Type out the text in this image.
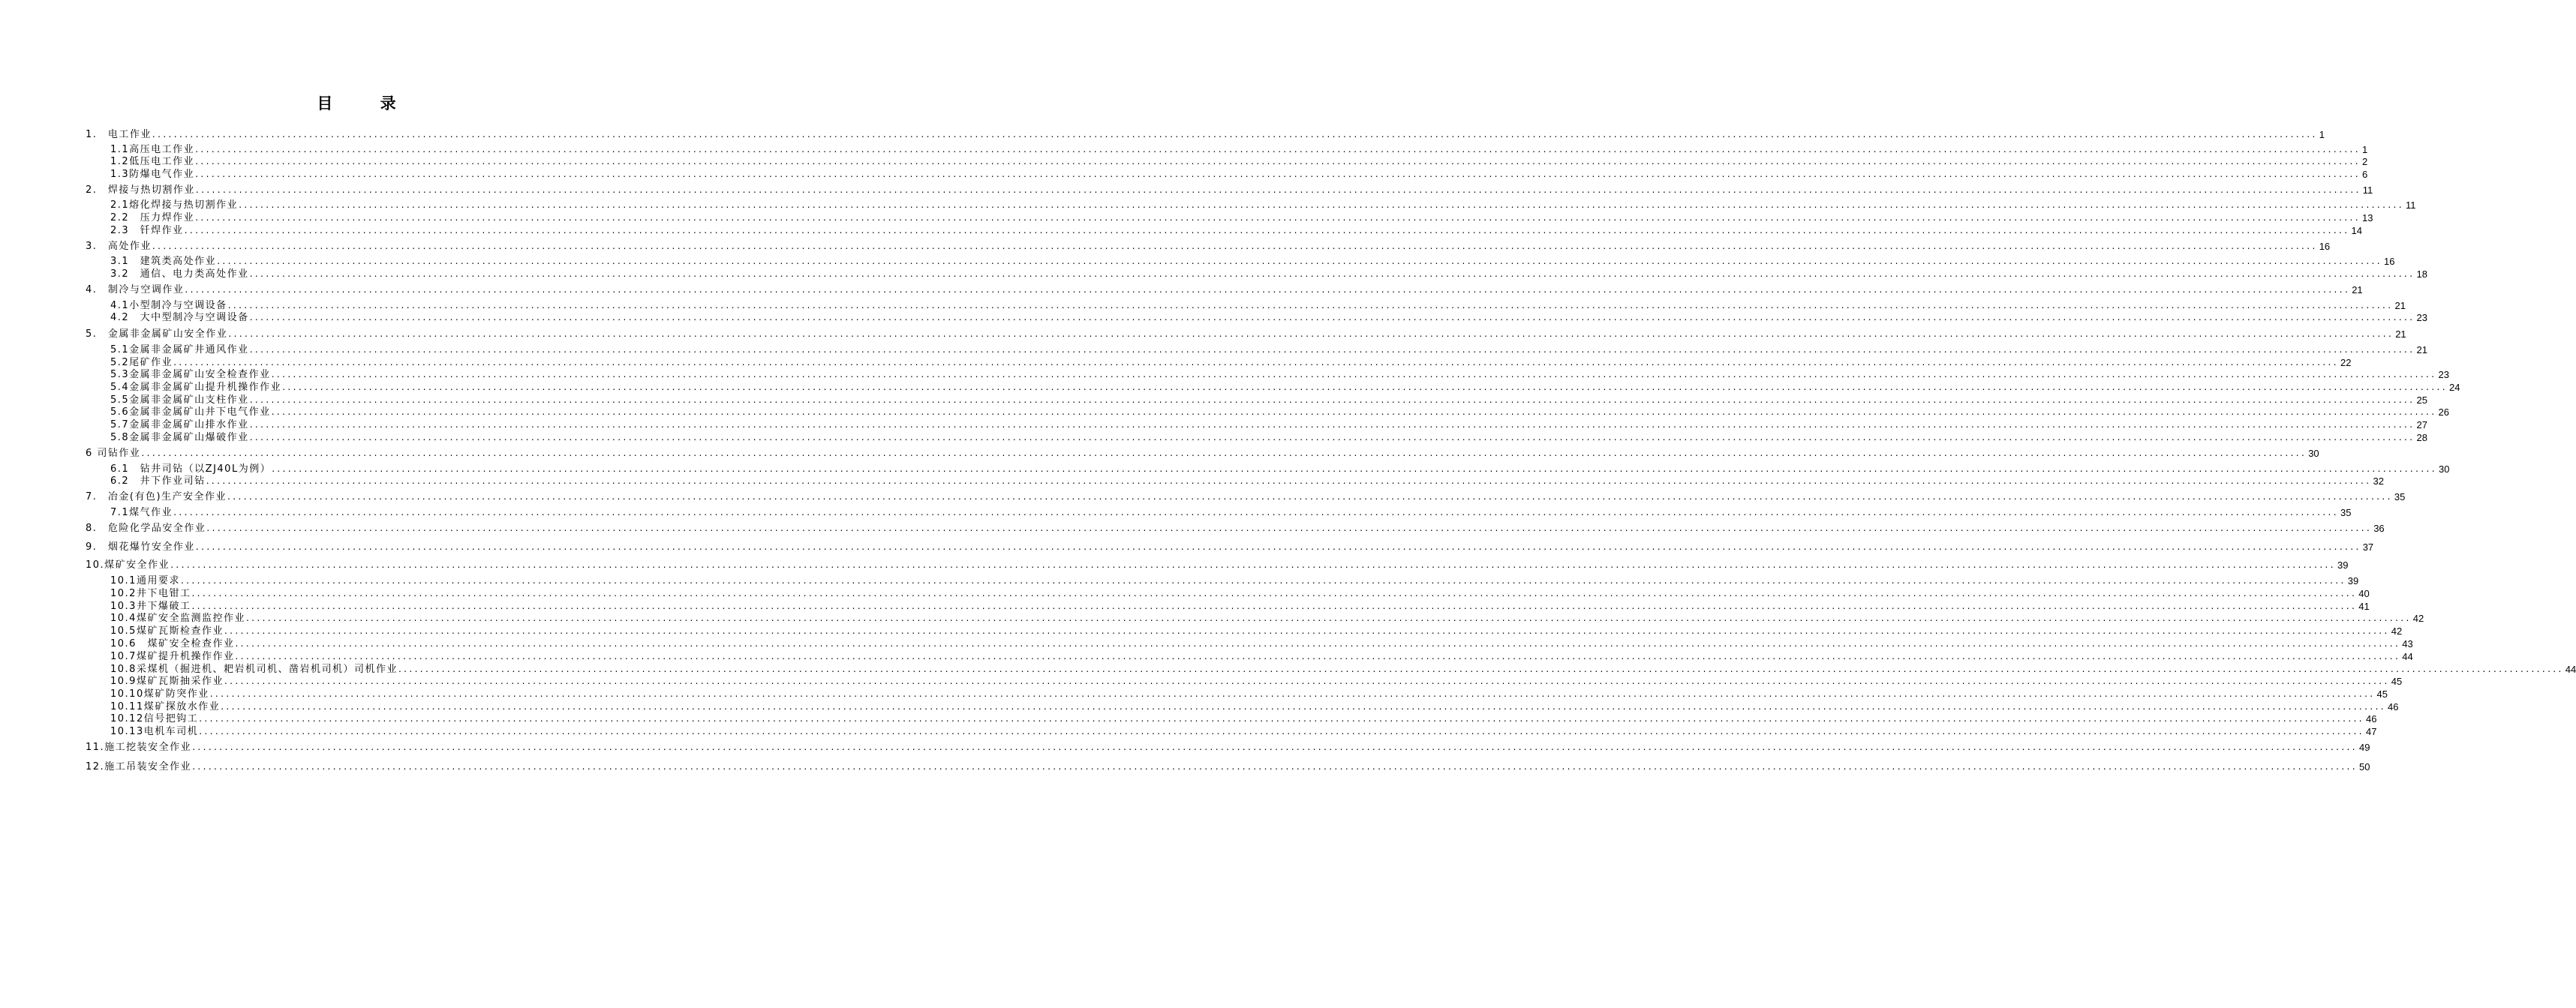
目 录
1.　电工作业 ................................................................................................................................................................................................................................................................................................................................................................................................................ 1
1.1高压电工作业 ................................................................................................................................................................................................................................................................................................................................................................................................................ 1
1.2低压电工作业 ................................................................................................................................................................................................................................................................................................................................................................................................................ 2
1.3防爆电气作业 ................................................................................................................................................................................................................................................................................................................................................................................................................ 6
2.　焊接与热切割作业 ................................................................................................................................................................................................................................................................................................................................................................................................................ 11
2.1熔化焊接与热切割作业 ................................................................................................................................................................................................................................................................................................................................................................................................................ 11
2.2　压力焊作业 ................................................................................................................................................................................................................................................................................................................................................................................................................ 13
2.3　钎焊作业 ................................................................................................................................................................................................................................................................................................................................................................................................................ 14
3.　高处作业 ................................................................................................................................................................................................................................................................................................................................................................................................................ 16
3.1　建筑类高处作业 ................................................................................................................................................................................................................................................................................................................................................................................................................ 16
3.2　通信、电力类高处作业 ................................................................................................................................................................................................................................................................................................................................................................................................................ 18
4.　制冷与空调作业 ................................................................................................................................................................................................................................................................................................................................................................................................................ 21
4.1小型制冷与空调设备 ................................................................................................................................................................................................................................................................................................................................................................................................................ 21
4.2　大中型制冷与空调设备 ................................................................................................................................................................................................................................................................................................................................................................................................................ 23
5.　金属非金属矿山安全作业 ................................................................................................................................................................................................................................................................................................................................................................................................................ 21
5.1金属非金属矿井通风作业 ................................................................................................................................................................................................................................................................................................................................................................................................................ 21
5.2尾矿作业 ................................................................................................................................................................................................................................................................................................................................................................................................................ 22
5.3金属非金属矿山安全检查作业 ................................................................................................................................................................................................................................................................................................................................................................................................................ 23
5.4金属非金属矿山提升机操作作业 ................................................................................................................................................................................................................................................................................................................................................................................................................ 24
5.5金属非金属矿山支柱作业 ................................................................................................................................................................................................................................................................................................................................................................................................................ 25
5.6金属非金属矿山井下电气作业 ................................................................................................................................................................................................................................................................................................................................................................................................................ 26
5.7金属非金属矿山排水作业 ................................................................................................................................................................................................................................................................................................................................................................................................................ 27
5.8金属非金属矿山爆破作业 ................................................................................................................................................................................................................................................................................................................................................................................................................ 28
6 司钻作业 ................................................................................................................................................................................................................................................................................................................................................................................................................ 30
6.1　钻井司钻（以ZJ40L为例） ................................................................................................................................................................................................................................................................................................................................................................................................................ 30
6.2　井下作业司钻 ................................................................................................................................................................................................................................................................................................................................................................................................................ 32
7.　冶金(有色)生产安全作业 ................................................................................................................................................................................................................................................................................................................................................................................................................ 35
7.1煤气作业 ................................................................................................................................................................................................................................................................................................................................................................................................................ 35
8.　危险化学品安全作业 ................................................................................................................................................................................................................................................................................................................................................................................................................ 36
9.　烟花爆竹安全作业 ................................................................................................................................................................................................................................................................................................................................................................................................................ 37
10.煤矿安全作业 ................................................................................................................................................................................................................................................................................................................................................................................................................ 39
10.1通用要求 ................................................................................................................................................................................................................................................................................................................................................................................................................ 39
10.2井下电钳工 ................................................................................................................................................................................................................................................................................................................................................................................................................ 40
10.3井下爆破工 ................................................................................................................................................................................................................................................................................................................................................................................................................ 41
10.4煤矿安全监测监控作业 ................................................................................................................................................................................................................................................................................................................................................................................................................ 42
10.5煤矿瓦斯检查作业 ................................................................................................................................................................................................................................................................................................................................................................................................................ 42
10.6　煤矿安全检查作业 ................................................................................................................................................................................................................................................................................................................................................................................................................ 43
10.7煤矿提升机操作作业 ................................................................................................................................................................................................................................................................................................................................................................................................................ 44
10.8采煤机（掘进机、耙岩机司机、凿岩机司机）司机作业 ................................................................................................................................................................................................................................................................................................................................................................................................................ 44
10.9煤矿瓦斯抽采作业 ................................................................................................................................................................................................................................................................................................................................................................................................................ 45
10.10煤矿防突作业 ................................................................................................................................................................................................................................................................................................................................................................................................................ 45
10.11煤矿探放水作业 ................................................................................................................................................................................................................................................................................................................................................................................................................ 46
10.12信号把钩工 ................................................................................................................................................................................................................................................................................................................................................................................................................ 46
10.13电机车司机 ................................................................................................................................................................................................................................................................................................................................................................................................................ 47
11.施工挖装安全作业 ................................................................................................................................................................................................................................................................................................................................................................................................................ 49
12.施工吊装安全作业 ................................................................................................................................................................................................................................................................................................................................................................................................................ 50
